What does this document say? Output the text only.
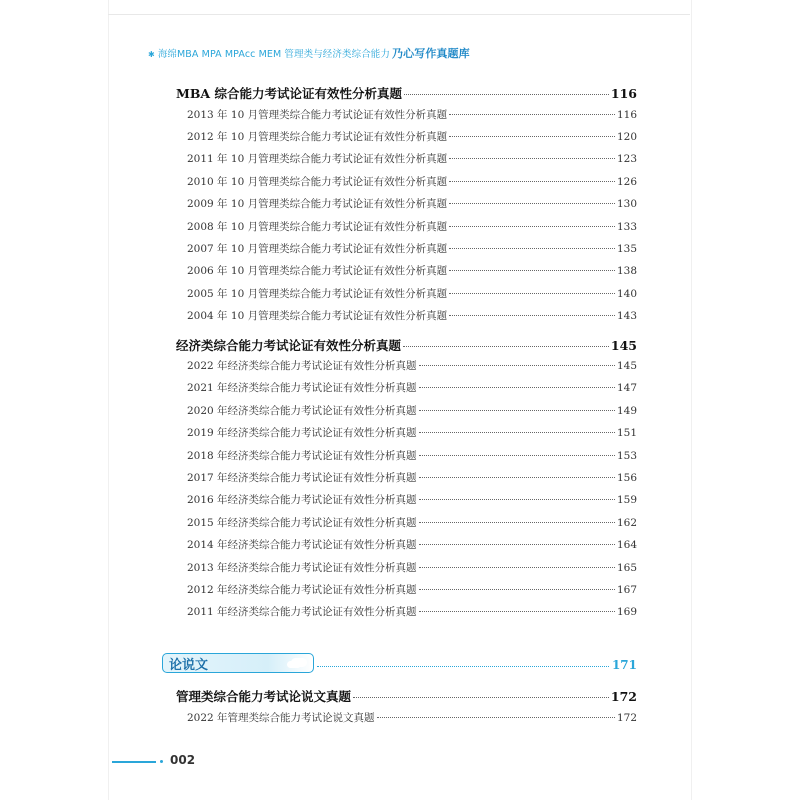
✱ 海绵MBA MPA MPAcc MEM 管理类与经济类综合能力 乃心写作真题库
MBA 综合能力考试论证有效性分析真题	116
2013 年 10 月管理类综合能力考试论证有效性分析真题	116
2012 年 10 月管理类综合能力考试论证有效性分析真题	120
2011 年 10 月管理类综合能力考试论证有效性分析真题	123
2010 年 10 月管理类综合能力考试论证有效性分析真题	126
2009 年 10 月管理类综合能力考试论证有效性分析真题	130
2008 年 10 月管理类综合能力考试论证有效性分析真题	133
2007 年 10 月管理类综合能力考试论证有效性分析真题	135
2006 年 10 月管理类综合能力考试论证有效性分析真题	138
2005 年 10 月管理类综合能力考试论证有效性分析真题	140
2004 年 10 月管理类综合能力考试论证有效性分析真题	143
经济类综合能力考试论证有效性分析真题	145
2022 年经济类综合能力考试论证有效性分析真题	145
2021 年经济类综合能力考试论证有效性分析真题	147
2020 年经济类综合能力考试论证有效性分析真题	149
2019 年经济类综合能力考试论证有效性分析真题	151
2018 年经济类综合能力考试论证有效性分析真题	153
2017 年经济类综合能力考试论证有效性分析真题	156
2016 年经济类综合能力考试论证有效性分析真题	159
2015 年经济类综合能力考试论证有效性分析真题	162
2014 年经济类综合能力考试论证有效性分析真题	164
2013 年经济类综合能力考试论证有效性分析真题	165
2012 年经济类综合能力考试论证有效性分析真题	167
2011 年经济类综合能力考试论证有效性分析真题	169
论说文	171
管理类综合能力考试论说文真题	172
2022 年管理类综合能力考试论说文真题	172
002
